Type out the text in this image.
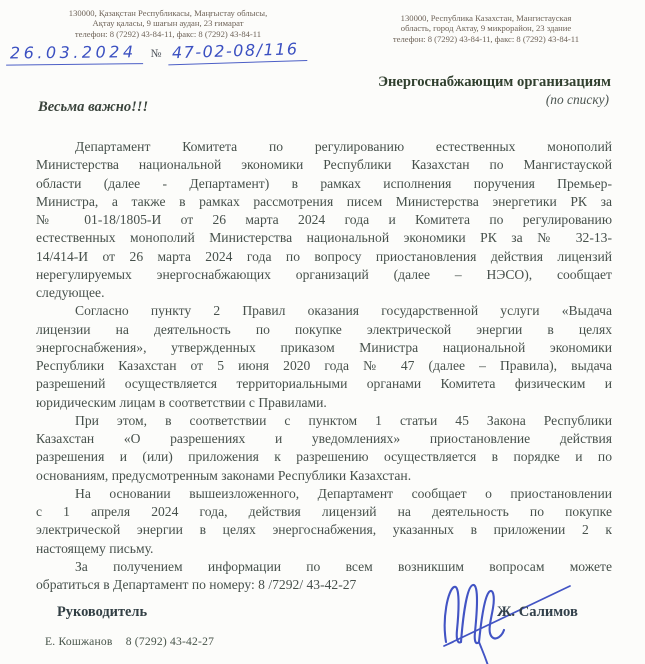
130000, Қазақстан Республикасы, Маңғыстау облысы,
Ақтау қаласы, 9 шағын аудан, 23 ғимарат
телефон: 8 (7292) 43-84-11, факс: 8 (7292) 43-84-11
130000, Республика Казахстан, Мангистауская
область, город Актау, 9 микрорайон, 23 здание
телефон: 8 (7292) 43-84-11, факс: 8 (7292) 43-84-11
26.03.2024	№ 47-02-08/116
Энергоснабжающим организациям
(по списку)
Весьма важно!!!
Департамент Комитета по регулированию естественных монополий
Министерства национальной экономики Республики Казахстан по Мангистауской
области (далее - Департамент) в рамках исполнения поручения Премьер-
Министра, а также в рамках рассмотрения писем Министерства энергетики РК за
№ 01-18/1805-И от 26 марта 2024 года и Комитета по регулированию
естественных монополий Министерства национальной экономики РК за № 32-13-
14/414-И от 26 марта 2024 года по вопросу приостановления действия лицензий
нерегулируемых энергоснабжающих организаций (далее – НЭСО), сообщает
следующее.
Согласно пункту 2 Правил оказания государственной услуги «Выдача
лицензии на деятельность по покупке электрической энергии в целях
энергоснабжения», утвержденных приказом Министра национальной экономики
Республики Казахстан от 5 июня 2020 года № 47 (далее – Правила), выдача
разрешений осуществляется территориальными органами Комитета физическим и
юридическим лицам в соответствии с Правилами.
При этом, в соответствии с пунктом 1 статьи 45 Закона Республики
Казахстан «О разрешениях и уведомлениях» приостановление действия
разрешения и (или) приложения к разрешению осуществляется в порядке и по
основаниям, предусмотренным законами Республики Казахстан.
На основании вышеизложенного, Департамент сообщает о приостановлении
с 1 апреля 2024 года, действия лицензий на деятельность по покупке
электрической энергии в целях энергоснабжения, указанных в приложении 2 к
настоящему письму.
За получением информации по всем возникшим вопросам можете
обратиться в Департамент по номеру: 8 /7292/ 43-42-27
Руководитель	Ж. Салимов
Е. Кошжанов 8 (7292) 43-42-27
